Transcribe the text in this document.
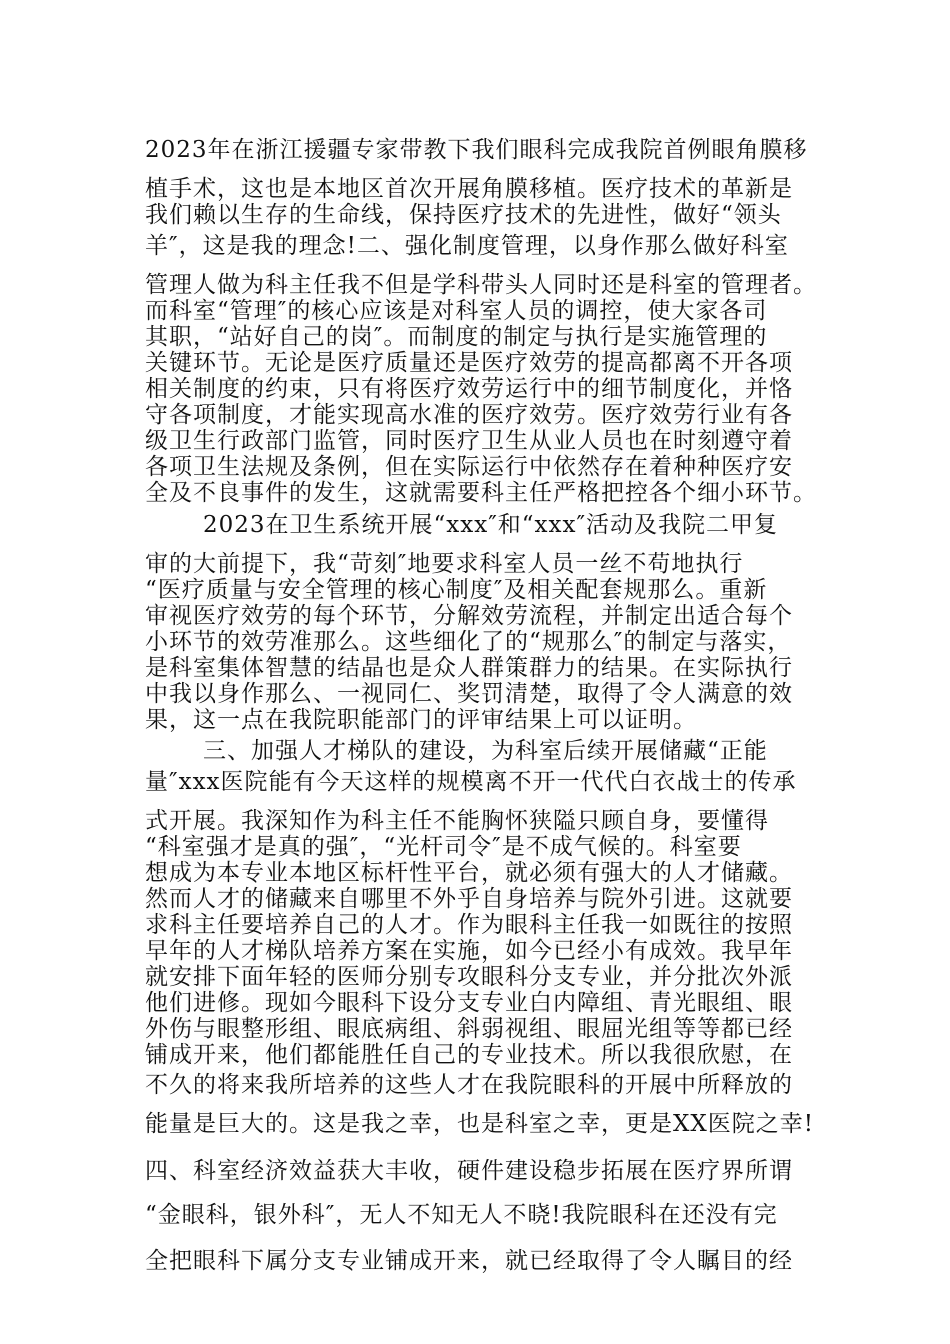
2023年在浙江援疆专家带教下我们眼科完成我院首例眼角膜移
植手术，这也是本地区首次开展角膜移植。医疗技术的革新是
我们赖以生存的生命线，保持医疗技术的先进性，做好“领头
羊″，这是我的理念!二、强化制度管理，以身作那么做好科室
管理人做为科主任我不但是学科带头人同时还是科室的管理者。
而科室“管理″的核心应该是对科室人员的调控，使大家各司
其职，“站好自己的岗″。而制度的制定与执行是实施管理的
关键环节。无论是医疗质量还是医疗效劳的提高都离不开各项
相关制度的约束，只有将医疗效劳运行中的细节制度化，并恪
守各项制度，才能实现高水准的医疗效劳。医疗效劳行业有各
级卫生行政部门监管，同时医疗卫生从业人员也在时刻遵守着
各项卫生法规及条例，但在实际运行中依然存在着种种医疗安
全及不良事件的发生，这就需要科主任严格把控各个细小环节。
2023在卫生系统开展“xxx″和“xxx″活动及我院二甲复
审的大前提下，我“苛刻″地要求科室人员一丝不苟地执行
“医疗质量与安全管理的核心制度″及相关配套规那么。重新
审视医疗效劳的每个环节，分解效劳流程，并制定出适合每个
小环节的效劳准那么。这些细化了的“规那么″的制定与落实，
是科室集体智慧的结晶也是众人群策群力的结果。在实际执行
中我以身作那么、一视同仁、奖罚清楚，取得了令人满意的效
果，这一点在我院职能部门的评审结果上可以证明。
三、加强人才梯队的建设，为科室后续开展储藏“正能
量″xxx医院能有今天这样的规模离不开一代代白衣战士的传承
式开展。我深知作为科主任不能胸怀狭隘只顾自身，要懂得
“科室强才是真的强″，“光杆司令″是不成气候的。科室要
想成为本专业本地区标杆性平台，就必须有强大的人才储藏。
然而人才的储藏来自哪里不外乎自身培养与院外引进。这就要
求科主任要培养自己的人才。作为眼科主任我一如既往的按照
早年的人才梯队培养方案在实施，如今已经小有成效。我早年
就安排下面年轻的医师分别专攻眼科分支专业，并分批次外派
他们进修。现如今眼科下设分支专业白内障组、青光眼组、眼
外伤与眼整形组、眼底病组、斜弱视组、眼屈光组等等都已经
铺成开来，他们都能胜任自己的专业技术。所以我很欣慰，在
不久的将来我所培养的这些人才在我院眼科的开展中所释放的
能量是巨大的。这是我之幸，也是科室之幸，更是XX医院之幸!
四、科室经济效益获大丰收，硬件建设稳步拓展在医疗界所谓
“金眼科，银外科″，无人不知无人不晓!我院眼科在还没有完
全把眼科下属分支专业铺成开来，就已经取得了令人瞩目的经
